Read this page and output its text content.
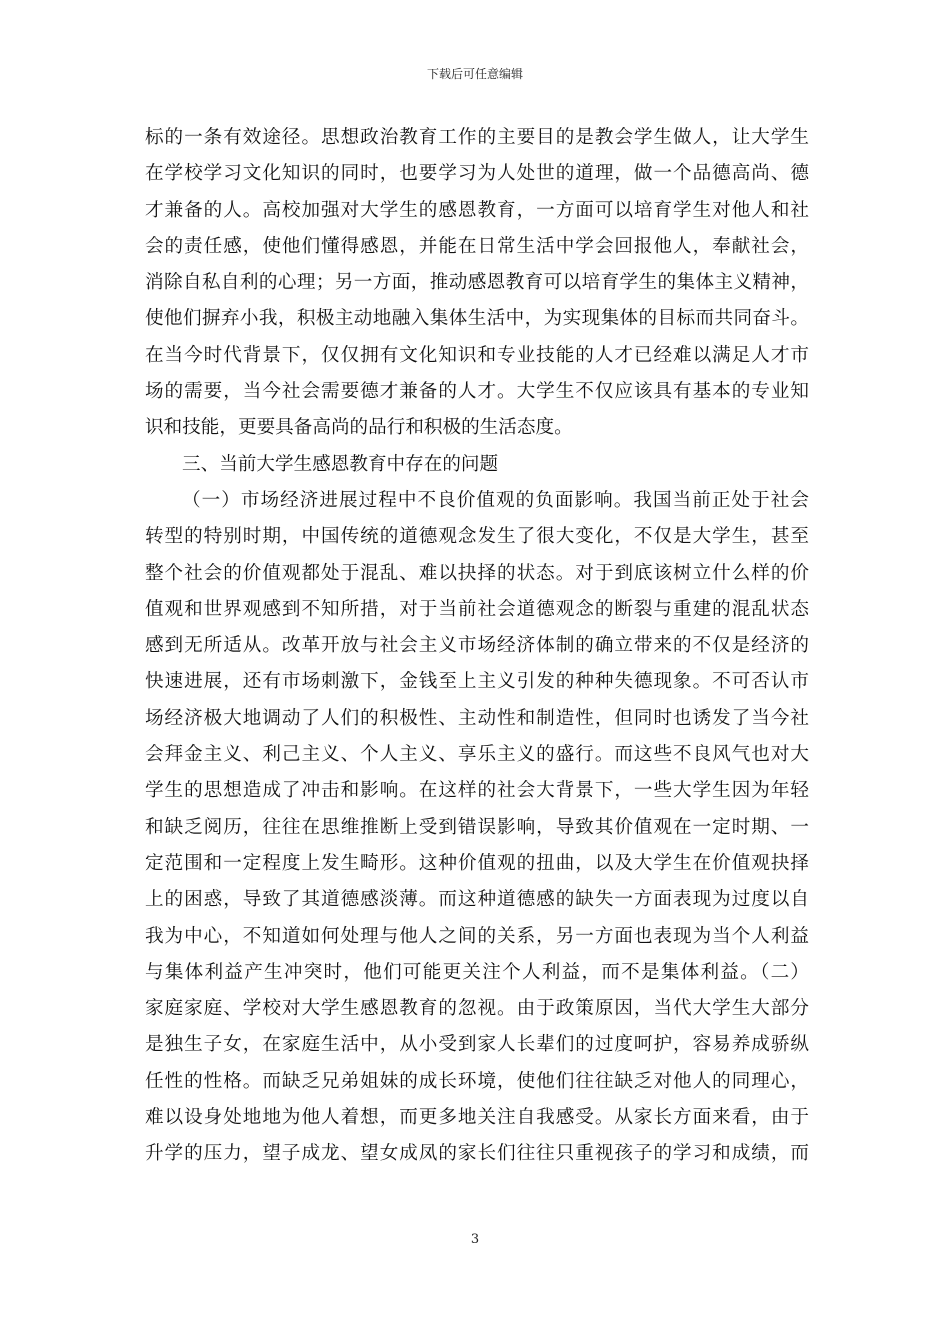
下载后可任意编辑
标的一条有效途径。思想政治教育工作的主要目的是教会学生做人，让大学生
在学校学习文化知识的同时，也要学习为人处世的道理，做一个品德高尚、德
才兼备的人。高校加强对大学生的感恩教育，一方面可以培育学生对他人和社
会的责任感，使他们懂得感恩，并能在日常生活中学会回报他人，奉献社会，
消除自私自利的心理；另一方面，推动感恩教育可以培育学生的集体主义精神，
使他们摒弃小我，积极主动地融入集体生活中，为实现集体的目标而共同奋斗。
在当今时代背景下，仅仅拥有文化知识和专业技能的人才已经难以满足人才市
场的需要，当今社会需要德才兼备的人才。大学生不仅应该具有基本的专业知
识和技能，更要具备高尚的品行和积极的生活态度。
三、当前大学生感恩教育中存在的问题
（一）市场经济进展过程中不良价值观的负面影响。我国当前正处于社会
转型的特别时期，中国传统的道德观念发生了很大变化，不仅是大学生，甚至
整个社会的价值观都处于混乱、难以抉择的状态。对于到底该树立什么样的价
值观和世界观感到不知所措，对于当前社会道德观念的断裂与重建的混乱状态
感到无所适从。改革开放与社会主义市场经济体制的确立带来的不仅是经济的
快速进展，还有市场刺激下，金钱至上主义引发的种种失德现象。不可否认市
场经济极大地调动了人们的积极性、主动性和制造性，但同时也诱发了当今社
会拜金主义、利己主义、个人主义、享乐主义的盛行。而这些不良风气也对大
学生的思想造成了冲击和影响。在这样的社会大背景下，一些大学生因为年轻
和缺乏阅历，往往在思维推断上受到错误影响，导致其价值观在一定时期、一
定范围和一定程度上发生畸形。这种价值观的扭曲，以及大学生在价值观抉择
上的困惑，导致了其道德感淡薄。而这种道德感的缺失一方面表现为过度以自
我为中心，不知道如何处理与他人之间的关系，另一方面也表现为当个人利益
与集体利益产生冲突时，他们可能更关注个人利益，而不是集体利益。（二）
家庭家庭、学校对大学生感恩教育的忽视。由于政策原因，当代大学生大部分
是独生子女，在家庭生活中，从小受到家人长辈们的过度呵护，容易养成骄纵
任性的性格。而缺乏兄弟姐妹的成长环境，使他们往往缺乏对他人的同理心，
难以设身处地地为他人着想，而更多地关注自我感受。从家长方面来看，由于
升学的压力，望子成龙、望女成凤的家长们往往只重视孩子的学习和成绩，而
3
